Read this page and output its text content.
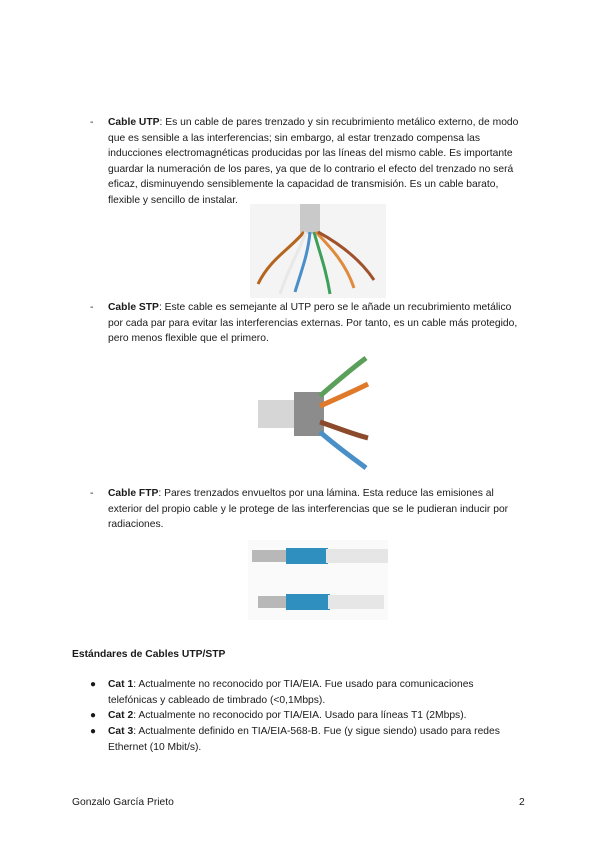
- Cable UTP: Es un cable de pares trenzado y sin recubrimiento metálico externo, de modo que es sensible a las interferencias; sin embargo, al estar trenzado compensa las inducciones electromagnéticas producidas por las líneas del mismo cable. Es importante guardar la numeración de los pares, ya que de lo contrario el efecto del trenzado no será eficaz, disminuyendo sensiblemente la capacidad de transmisión. Es un cable barato, flexible y sencillo de instalar.
- Cable STP: Este cable es semejante al UTP pero se le añade un recubrimiento metálico por cada par para evitar las interferencias externas. Por tanto, es un cable más protegido, pero menos flexible que el primero.
- Cable FTP: Pares trenzados envueltos por una lámina. Esta reduce las emisiones al exterior del propio cable y le protege de las interferencias que se le pudieran inducir por radiaciones.
Estándares de Cables UTP/STP
● Cat 1: Actualmente no reconocido por TIA/EIA. Fue usado para comunicaciones telefónicas y cableado de timbrado (<0,1Mbps).
● Cat 2: Actualmente no reconocido por TIA/EIA. Usado para líneas T1 (2Mbps).
● Cat 3: Actualmente definido en TIA/EIA-568-B. Fue (y sigue siendo) usado para redes Ethernet (10 Mbit/s).
Gonzalo García Prieto	2
